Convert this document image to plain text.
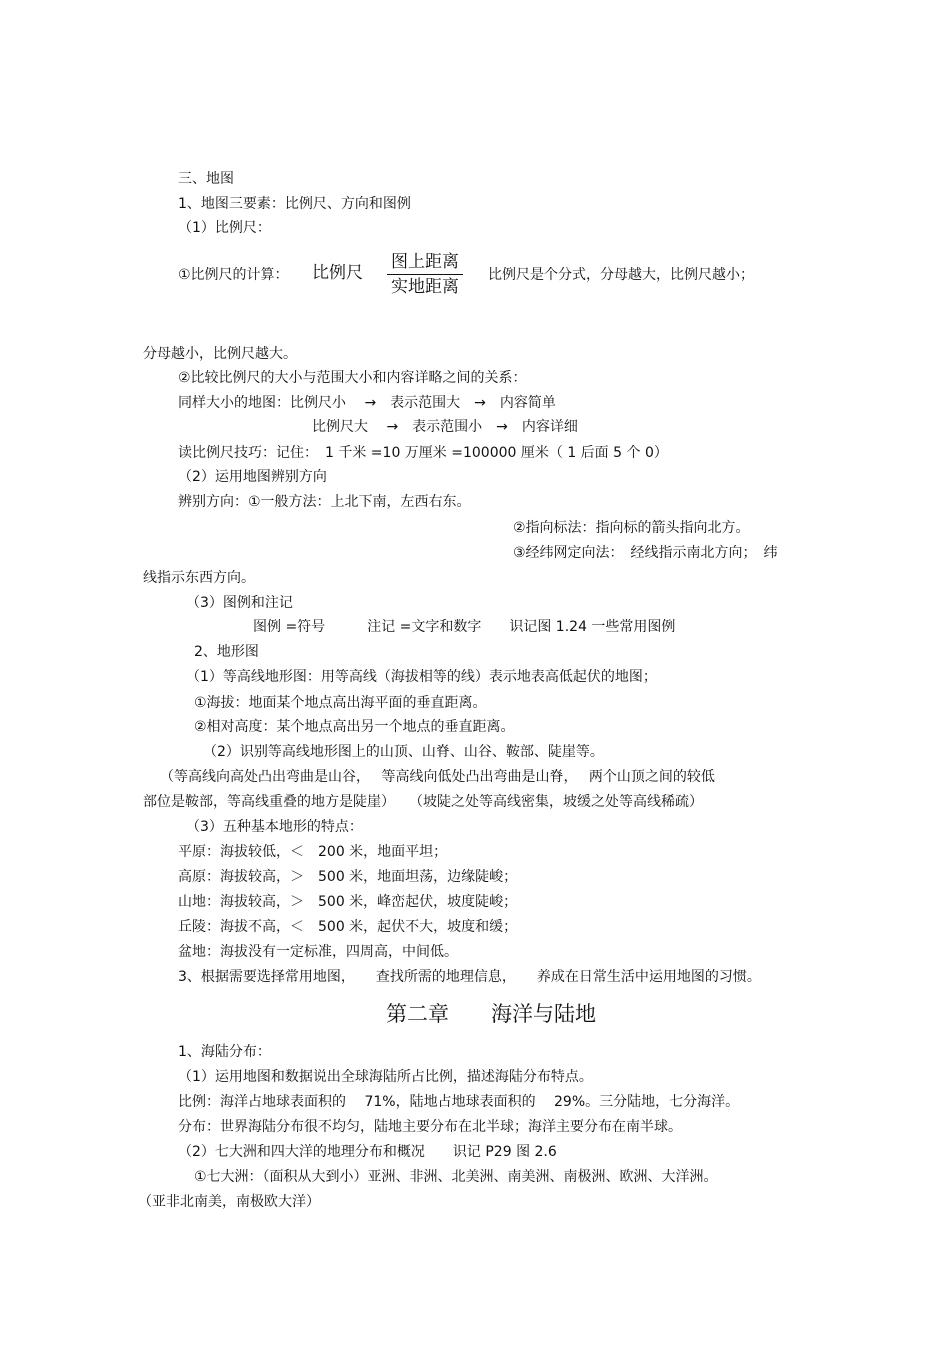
三、地图
1、地图三要素：比例尺、方向和图例
（1）比例尺：
①比例尺的计算： 比例尺
图上距离
实地距离
比例尺是个分式，分母越大，比例尺越小；
分母越小，比例尺越大。
②比较比例尺的大小与范围大小和内容详略之间的关系：
同样大小的地图：比例尺小　 →　表示范围大　→　内容简单
比例尺大　 →　表示范围小　→　内容详细
读比例尺技巧：记住：　1 千米 =10 万厘米 =100000 厘米（ 1 后面 5 个 0）
（2）运用地图辨别方向
辨别方向：①一般方法：上北下南，左西右东。
②指向标法：指向标的箭头指向北方。
③经纬网定向法：　经线指示南北方向；　纬
线指示东西方向。
（3）图例和注记
图例 =符号　　　注记 =文字和数字　　识记图 1.24 一些常用图例
2、地形图
（1）等高线地形图：用等高线（海拔相等的线）表示地表高低起伏的地图；
①海拔：地面某个地点高出海平面的垂直距离。
②相对高度：某个地点高出另一个地点的垂直距离。
（2）识别等高线地形图上的山顶、山脊、山谷、鞍部、陡崖等。
（等高线向高处凸出弯曲是山谷，　 等高线向低处凸出弯曲是山脊，　 两个山顶之间的较低
部位是鞍部，等高线重叠的地方是陡崖）　　（坡陡之处等高线密集，坡缓之处等高线稀疏）
（3）五种基本地形的特点：
平原：海拔较低，＜　200 米，地面平坦；
高原：海拔较高，＞　500 米，地面坦荡，边缘陡峻；
山地：海拔较高，＞　500 米，峰峦起伏，坡度陡峻；
丘陵：海拔不高，＜　500 米，起伏不大，坡度和缓；
盆地：海拔没有一定标准，四周高，中间低。
3、根据需要选择常用地图，　　查找所需的地理信息，　　养成在日常生活中运用地图的习惯。
第二章　　海洋与陆地
1、海陆分布：
（1）运用地图和数据说出全球海陆所占比例，描述海陆分布特点。
比例：海洋占地球表面积的　 71%，陆地占地球表面积的　 29%。三分陆地，七分海洋。
分布：世界海陆分布很不均匀，陆地主要分布在北半球；海洋主要分布在南半球。
（2）七大洲和四大洋的地理分布和概况　　识记 P29 图 2.6
①七大洲：（面积从大到小）亚洲、非洲、北美洲、南美洲、南极洲、欧洲、大洋洲。
（亚非北南美，南极欧大洋）
